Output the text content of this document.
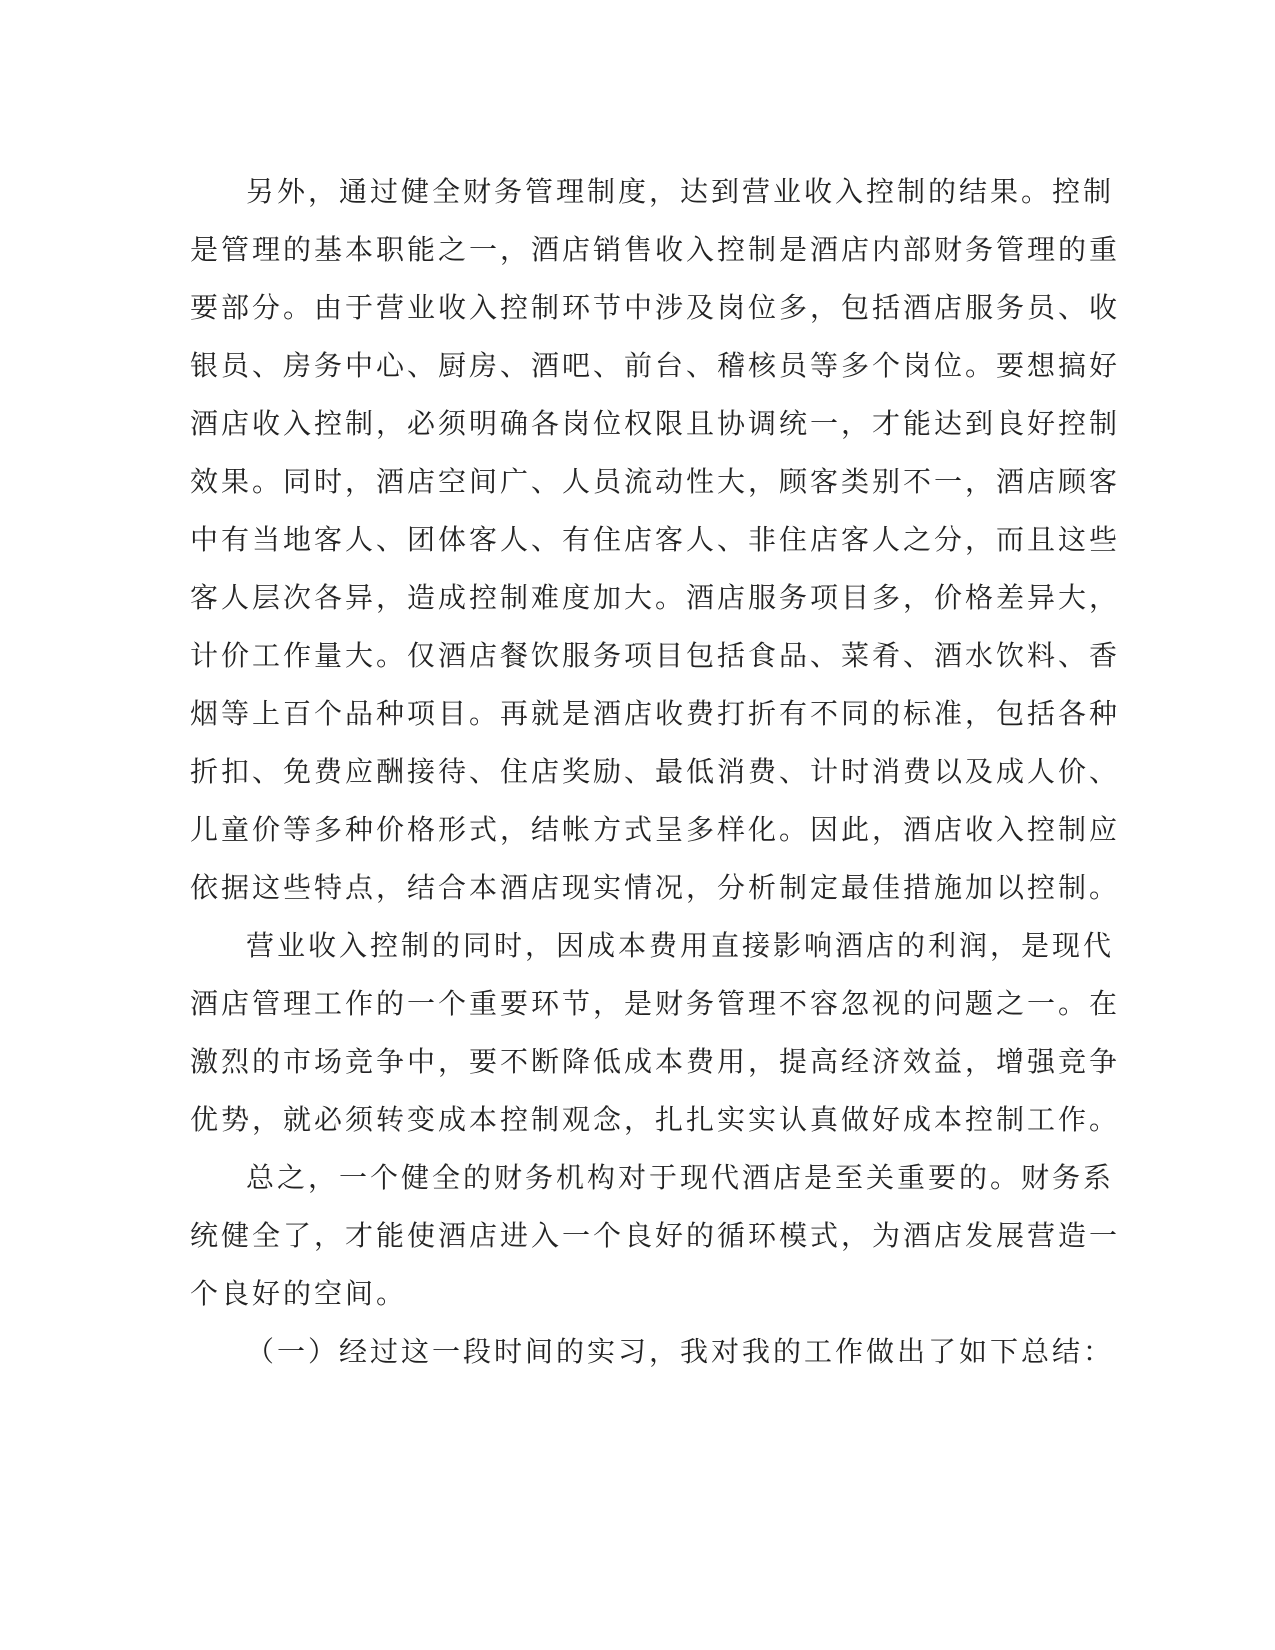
另外，通过健全财务管理制度，达到营业收入控制的结果。控制
是管理的基本职能之一，酒店销售收入控制是酒店内部财务管理的重
要部分。由于营业收入控制环节中涉及岗位多，包括酒店服务员、收
银员、房务中心、厨房、酒吧、前台、稽核员等多个岗位。要想搞好
酒店收入控制，必须明确各岗位权限且协调统一，才能达到良好控制
效果。同时，酒店空间广、人员流动性大，顾客类别不一，酒店顾客
中有当地客人、团体客人、有住店客人、非住店客人之分，而且这些
客人层次各异，造成控制难度加大。酒店服务项目多，价格差异大，
计价工作量大。仅酒店餐饮服务项目包括食品、菜肴、酒水饮料、香
烟等上百个品种项目。再就是酒店收费打折有不同的标准，包括各种
折扣、免费应酬接待、住店奖励、最低消费、计时消费以及成人价、
儿童价等多种价格形式，结帐方式呈多样化。因此，酒店收入控制应
依据这些特点，结合本酒店现实情况，分析制定最佳措施加以控制。

营业收入控制的同时，因成本费用直接影响酒店的利润，是现代
酒店管理工作的一个重要环节，是财务管理不容忽视的问题之一。在
激烈的市场竞争中，要不断降低成本费用，提高经济效益，增强竞争
优势，就必须转变成本控制观念，扎扎实实认真做好成本控制工作。

总之，一个健全的财务机构对于现代酒店是至关重要的。财务系
统健全了，才能使酒店进入一个良好的循环模式，为酒店发展营造一
个良好的空间。

（一）经过这一段时间的实习，我对我的工作做出了如下总结：
